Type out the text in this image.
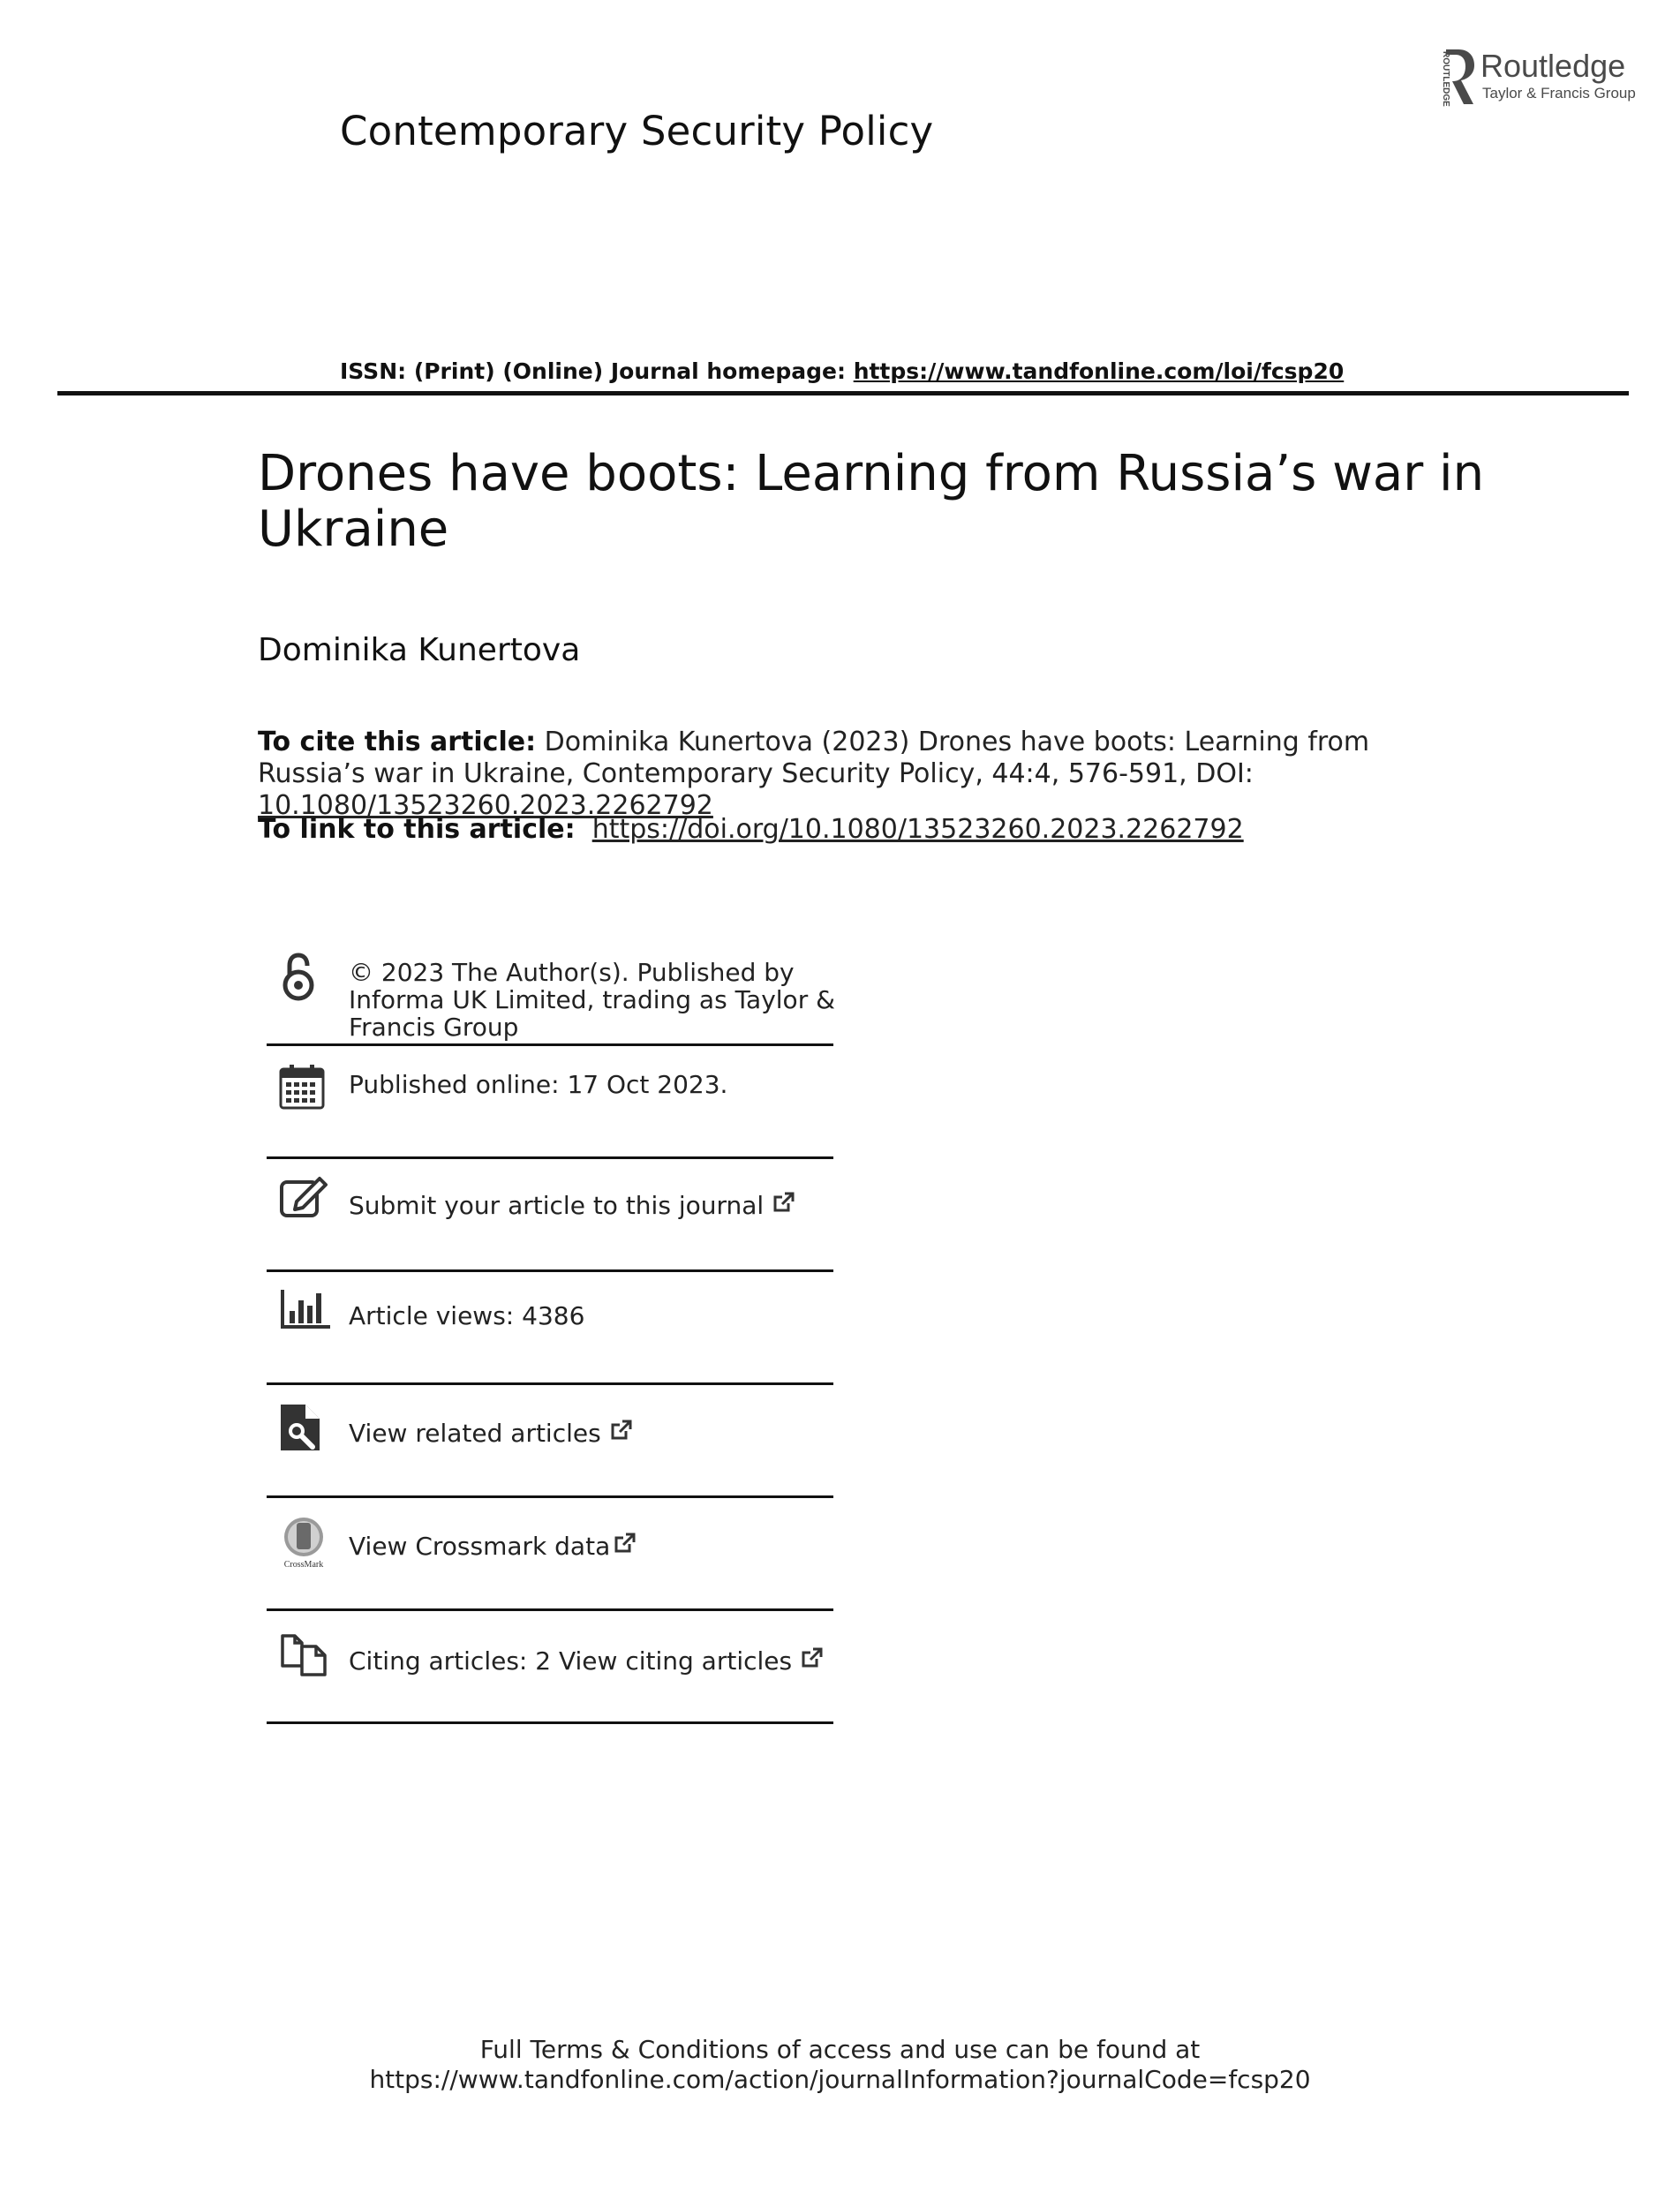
Contemporary Security Policy
ROUTLEDGE Routledge
Taylor & Francis Group
ISSN: (Print) (Online) Journal homepage: https://www.tandfonline.com/loi/fcsp20
Drones have boots: Learning from Russia’s war in Ukraine
Dominika Kunertova
To cite this article: Dominika Kunertova (2023) Drones have boots: Learning from Russia’s war in Ukraine, Contemporary Security Policy, 44:4, 576-591, DOI: 10.1080/13523260.2023.2262792
To link to this article: https://doi.org/10.1080/13523260.2023.2262792
© 2023 The Author(s). Published by Informa UK Limited, trading as Taylor & Francis Group
Published online: 17 Oct 2023.
Submit your article to this journal
Article views: 4386
View related articles
CrossMark
View Crossmark data
Citing articles: 2 View citing articles
Full Terms & Conditions of access and use can be found at
https://www.tandfonline.com/action/journalInformation?journalCode=fcsp20
